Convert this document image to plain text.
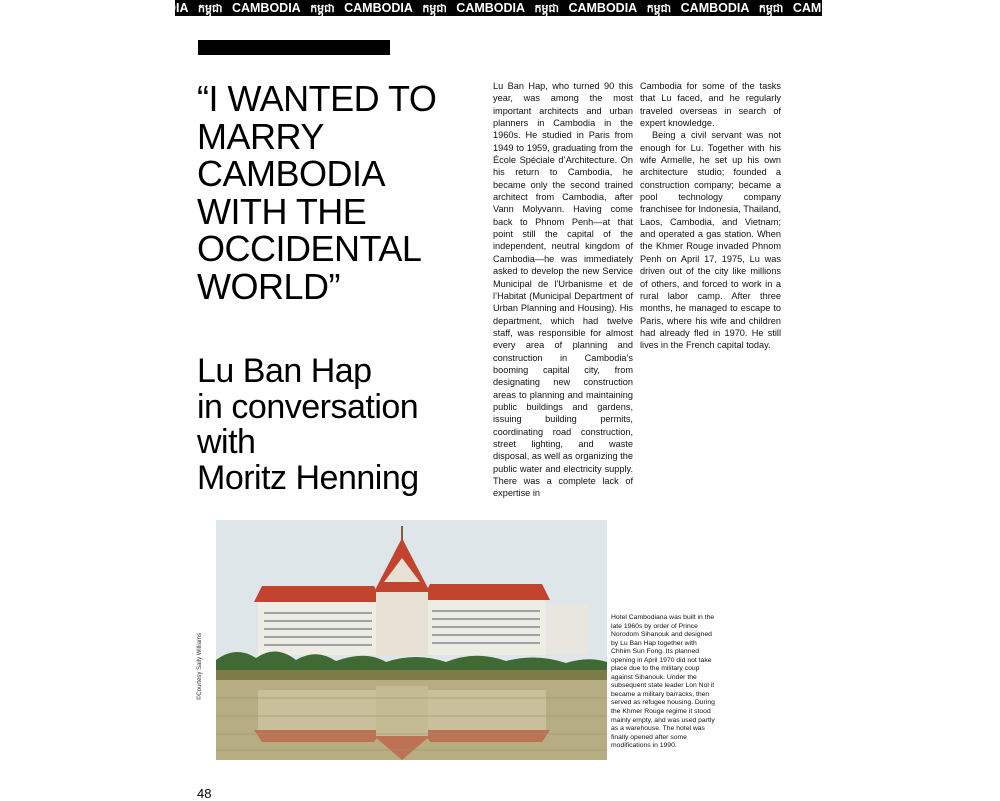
DIA កម្ពុជា CAMBODIA កម្ពុជា CAMBODIA កម្ពុជា CAMBODIA កម្ពុជា CAMBODIA កម្ពុជា CAMBODIA កម្ពុជា CAM
“I WANTED TO MARRY CAMBODIA WITH THE OCCIDENTAL WORLD”
Lu Ban Hap
in conversation
with
Moritz Henning

Lu Ban Hap, who turned 90 this year, was among the most important architects and urban planners in Cambodia in the 1960s. He studied in Paris from 1949 to 1959, graduating from the École Spéciale d’Architecture. On his return to Cambodia, he became only the second trained architect from Cambodia, after Vann Molyvann. Having come back to Phnom Penh—at that point still the capital of the independent, neutral kingdom of Cambodia—he was immediately asked to develop the new Service Municipal de l’Urbanisme et de l’Habitat (Municipal Department of Urban Planning and Housing). His department, which had twelve staff, was responsible for almost every area of planning and construction in Cambodia’s booming capital city, from designating new construction areas to planning and maintaining public buildings and gardens, issuing building permits, coordinating road construction, street lighting, and waste disposal, as well as organizing the public water and electricity supply. There was a complete lack of expertise in

Cambodia for some of the tasks that Lu faced, and he regularly traveled overseas in search of expert knowledge.

Being a civil servant was not enough for Lu. Together with his wife Armelle, he set up his own architecture studio; founded a construction company; became a pool technology company franchisee for Indonesia, Thailand, Laos, Cambodia, and Vietnam; and operated a gas station. When the Khmer Rouge invaded Phnom Penh on April 17, 1975, Lu was driven out of the city like millions of others, and forced to work in a rural labor camp. After three months, he managed to escape to Paris, where his wife and children had already fled in 1970. He still lives in the French capital today.

©Courtesy Sally Williams

Hotel Cambodiana was built in the late 1960s by order of Prince Norodom Sihanouk and designed by Lu Ban Hap together with Chhim Sun Fong. Its planned opening in April 1970 did not take place due to the military coup against Sihanouk. Under the subsequent state leader Lon Nol it became a military barracks, then served as refugee housing. During the Khmer Rouge regime it stood mainly empty, and was used partly as a warehouse. The hotel was finally opened after some modifications in 1990.

48
